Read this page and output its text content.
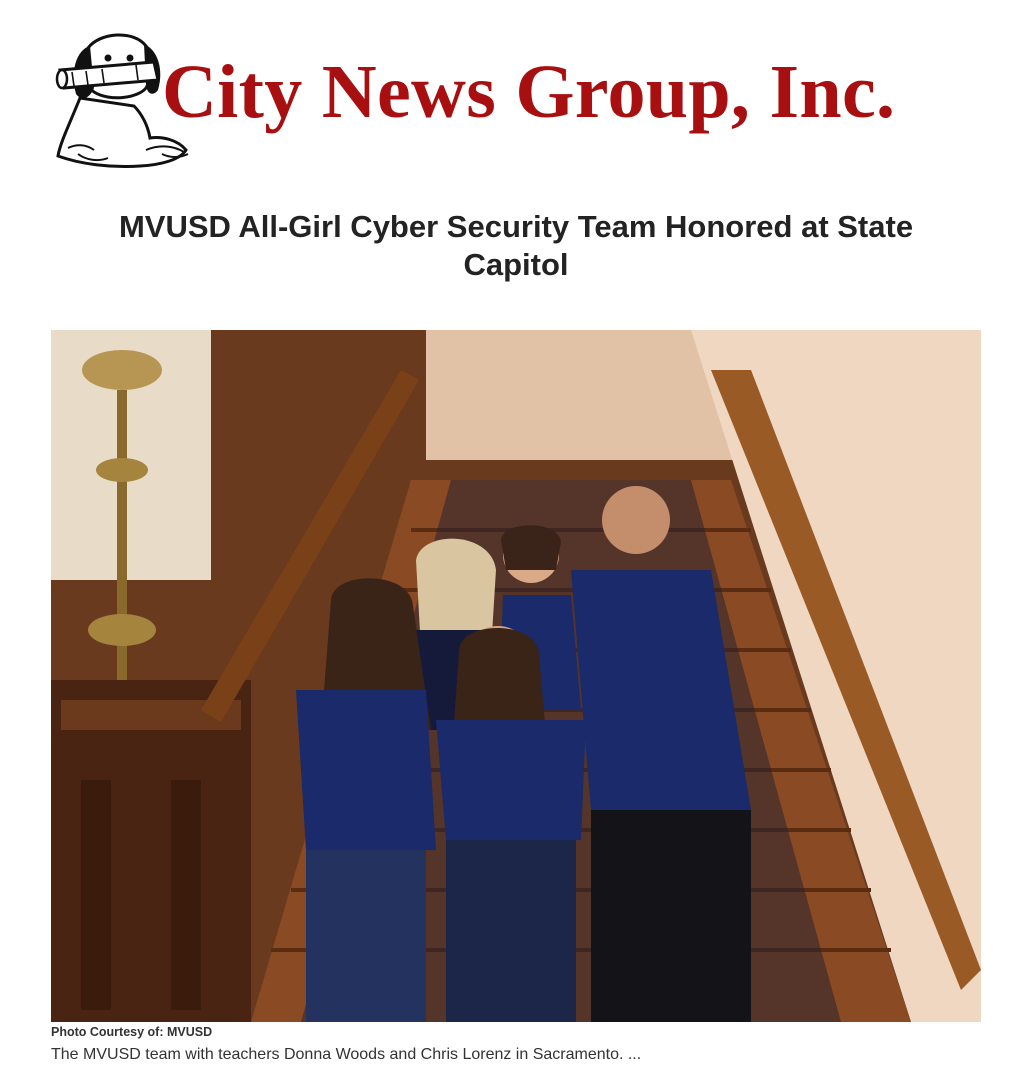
City News Group, Inc.
MVUSD All-Girl Cyber Security Team Honored at State Capitol
Photo Courtesy of: MVUSD
The MVUSD team with teachers Donna Woods and Chris Lorenz in Sacramento. ...
